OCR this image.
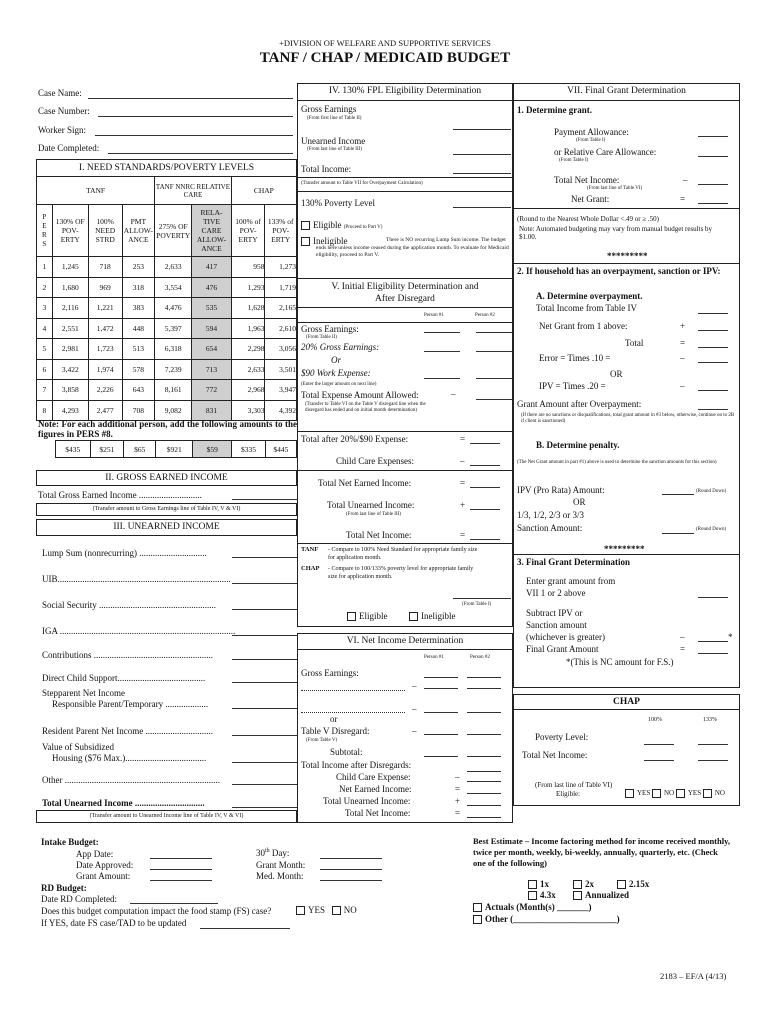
+DIVISION OF WELFARE AND SUPPORTIVE SERVICES
TANF / CHAP / MEDICAID BUDGET
Case Name:
Case Number:
Worker Sign:
Date Completed:
I. NEED STANDARDS/POVERTY LEVELS							
TANF				TANF NNRC RELATIVE CARE		CHAP	
P
E
R
S	130% OF POV-ERTY	100% NEED STRD	PMT ALLOW-ANCE	275% OF POVERTY	RELA-TIVE CARE ALLOW-ANCE	100% of POV-ERTY	133% of POV-ERTY
1	1,245	718	253	2,633	417	958	1,273
2	1,680	969	318	3,554	476	1,293	1,719
3	2,116	1,221	383	4,476	535	1,628	2,165
4	2,551	1,472	448	5,397	594	1,963	2,610
5	2,981	1,723	513	6,318	654	2,298	3,056
6	3,422	1,974	578	7,239	713	2,633	3,501
7	3,858	2,226	643	8,161	772	2,968	3,947
8	4,293	2,477	708	9,082	831	3,303	4,392
Note: For each additional person, add the following amounts to the figures in PERS #8.
$435	$251	$65	$921	$59	$335	$445
II. GROSS EARNED INCOME
Total Gross Earned Income ............................
(Transfer amount to Gross Earnings line of Table IV, V & VI)
III. UNEARNED INCOME
Lump Sum (nonrecurring) ..............................
UIB.............................................................................
Social Security ....................................................
IGA ..............................................................................
Contributions .....................................................
Direct Child Support.......................................
Stepparent Net Income
Responsible Parent/Temporary ...................
Resident Parent Net Income ..............................
Value of Subsidized
Housing ($76 Max.)....................................
Other .....................................................................
Total Unearned Income ...............................
(Transfer amount to Unearned Income line of Table IV, V & VI)
IV. 130% FPL Eligibility Determination
Gross Earnings
(From first line of Table II)
Unearned Income
(From last line of Table III)
Total Income:
(Transfer amount to Table VII for Overpayment Calculation)
130% Poverty Level
Eligible (Proceed to Part V)
Ineligible	There is NO recurring Lump Sum income. The budget ends here unless income ceased during the application month. To evaluate for Medicaid eligibility, proceed to Part V.
V. Initial Eligibility Determination and
After Disregard
Person #1	Person #2
Gross Earnings:
(From Table II)
20% Gross Earnings:
Or
$90 Work Expense:
(Enter the larger amount on next line)
Total Expense Amount Allowed:	–
(Transfer to Table VI on the Table V disregard line when the disregard has ended and on initial month determination)
Total after 20%/$90 Expense:	=
Child Care Expenses:	–
Total Net Earned Income:	=
Total Unearned Income:	+
(From last line of Table III)
Total Net Income:	=
TANF - Compare to 100% Need Standard for appropriate family size for application month.
CHAP - Compare to 100/133% poverty level for appropriate family size for application month.
(From Table I)
Eligible	Ineligible
VI. Net Income Determination
Person #1	Person #2
Gross Earnings:
–
–
or
Table V Disregard:	–
(From Table V)
Subtotal:
Total Income after Disregards:
Child Care Expense:	–
Net Earned Income:	=
Total Unearned Income:	+
Total Net Income:	=
VII. Final Grant Determination
1. Determine grant.
Payment Allowance:
(From Table I)
or Relative Care Allowance:
(From Table I)
Total Net Income:	–
(From last line of Table VI)
Net Grant:	=
(Round to the Nearest Whole Dollar <.49 or ≥ .50)
Note: Automated budgeting may vary from manual budget results by $1.00.
*********
2. If household has an overpayment, sanction or IPV:
A. Determine overpayment.
Total Income from Table IV
Net Grant from 1 above:	+
Total	=
Error = Times .10 =	–
OR
IPV = Times .20 =	–
Grant Amount after Overpayment:
(If there are no sanctions or disqualifications, total grant amount in #3 below, otherwise, continue on to 2B if client is sanctioned)
B. Determine penalty.
(The Net Grant amount in part #1) above is used to determine the sanction amounts for this section)
IPV (Pro Rata) Amount:	(Round Down)
OR
1/3, 1/2, 2/3 or 3/3
Sanction Amount:	(Round Down)
*********
3. Final Grant Determination
Enter grant amount from
VII 1 or 2 above
Subtract IPV or
Sanction amount
(whichever is greater)	–	*
Final Grant Amount	=
*(This is NC amount for F.S.)
CHAP
100%	133%
Poverty Level:
Total Net Income:
(From last line of Table VI)
Eligible:	YES NO YES NO
Intake Budget:
App Date:
Date Approved:
Grant Amount:
30th Day:
Grant Month:
Med. Month:
RD Budget:
Date RD Completed:
Does this budget computation impact the food stamp (FS) case?	YES NO
If YES, date FS case/TAD to be updated
Best Estimate – Income factoring method for income received monthly, twice per month, weekly, bi-weekly, annually, quarterly, etc. (Check one of the following)
1x	2x	2.15x
4.3x	Annualized
Actuals (Month(s) _______)
Other (_______________________)
2183 – EF/A (4/13)
